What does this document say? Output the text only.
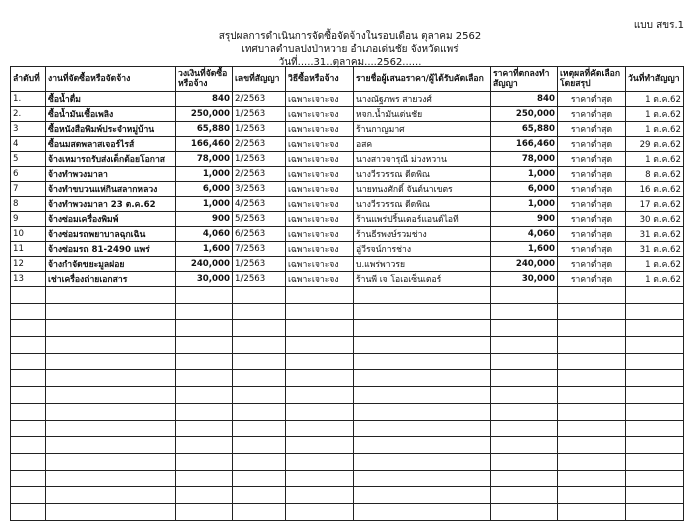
แบบ สขร.1
สรุปผลการดำเนินการจัดซื้อจัดจ้างในรอบเดือน ตุลาคม 2562
เทศบาลตำบลปงป่าหวาย อำเภอเด่นชัย จังหวัดแพร่
วันที่.....31..ตุลาคม....2562......
ลำดับที่	งานที่จัดซื้อหรือจัดจ้าง	วงเงินที่จัดซื้อหรือจ้าง	เลขที่สัญญา	วิธีซื้อหรือจ้าง	รายชื่อผู้เสนอราคา/ผู้ได้รับคัดเลือก	ราคาที่ตกลงทำสัญญา	เหตุผลที่คัดเลือกโดยสรุป	วันที่ทำสัญญา
1.	ซื้อน้ำดื่ม	840	2/2563	เฉพาะเจาะจง	นางณัฐภพร สายวงศ์	840	ราคาต่ำสุด	1 ต.ค.62
2.	ซื้อน้ำมันเชื้อเพลิง	250,000	1/2563	เฉพาะเจาะจง	หจก.น้ำมันเด่นชัย	250,000	ราคาต่ำสุด	1 ต.ค.62
3	ซื้อหนังสือพิมพ์ประจำหมู่บ้าน	65,880	1/2563	เฉพาะเจาะจง	ร้านกาญมาศ	65,880	ราคาต่ำสุด	1 ต.ค.62
4	ซื้อนมสดพลาสเจอร์ไรส์	166,460	2/2563	เฉพาะเจาะจง	อสค	166,460	ราคาต่ำสุด	29 ต.ค.62
5	จ้างเหมารถรับส่งเด็กด้อยโอกาส	78,000	1/2563	เฉพาะเจาะจง	นางสาวจารุณี ม่วงหวาน	78,000	ราคาต่ำสุด	1 ต.ค.62
6	จ้างทำพวงมาลา	1,000	2/2563	เฉพาะเจาะจง	นางวีรวรรณ ดีดพิณ	1,000	ราคาต่ำสุด	8 ต.ค.62
7	จ้างทำขบวนแห่กินสลากหลวง	6,000	3/2563	เฉพาะเจาะจง	นายทนงศักดิ์ จันต์นาเขตร	6,000	ราคาต่ำสุด	16 ต.ค.62
8	จ้างทำพวงมาลา 23 ต.ค.62	1,000	4/2563	เฉพาะเจาะจง	นางวีรวรรณ ดีดพิณ	1,000	ราคาต่ำสุด	17 ต.ค.62
9	จ้างซ่อมเครื่องพิมพ์	900	5/2563	เฉพาะเจาะจง	ร้านแพร่ปริ้นเตอร์แอนด์ไอที	900	ราคาต่ำสุด	30 ต.ค.62
10	จ้างซ่อมรถพยาบาลฉุกเฉิน	4,060	6/2563	เฉพาะเจาะจง	ร้านธีรพงษ์รวมช่าง	4,060	ราคาต่ำสุด	31 ต.ค.62
11	จ้างซ่อมรถ 81-2490 แพร่	1,600	7/2563	เฉพาะเจาะจง	อู่วีรจน์การช่าง	1,600	ราคาต่ำสุด	31 ต.ค.62
12	จ้างกำจัดขยะมูลฝอย	240,000	1/2563	เฉพาะเจาะจง	บ.แพร่พาวรย	240,000	ราคาต่ำสุด	1 ต.ค.62
13	เช่าเครื่องถ่ายเอกสาร	30,000	1/2563	เฉพาะเจาะจง	ร้านพี เจ โอเอเซ็นเตอร์	30,000	ราคาต่ำสุด	1 ต.ค.62
